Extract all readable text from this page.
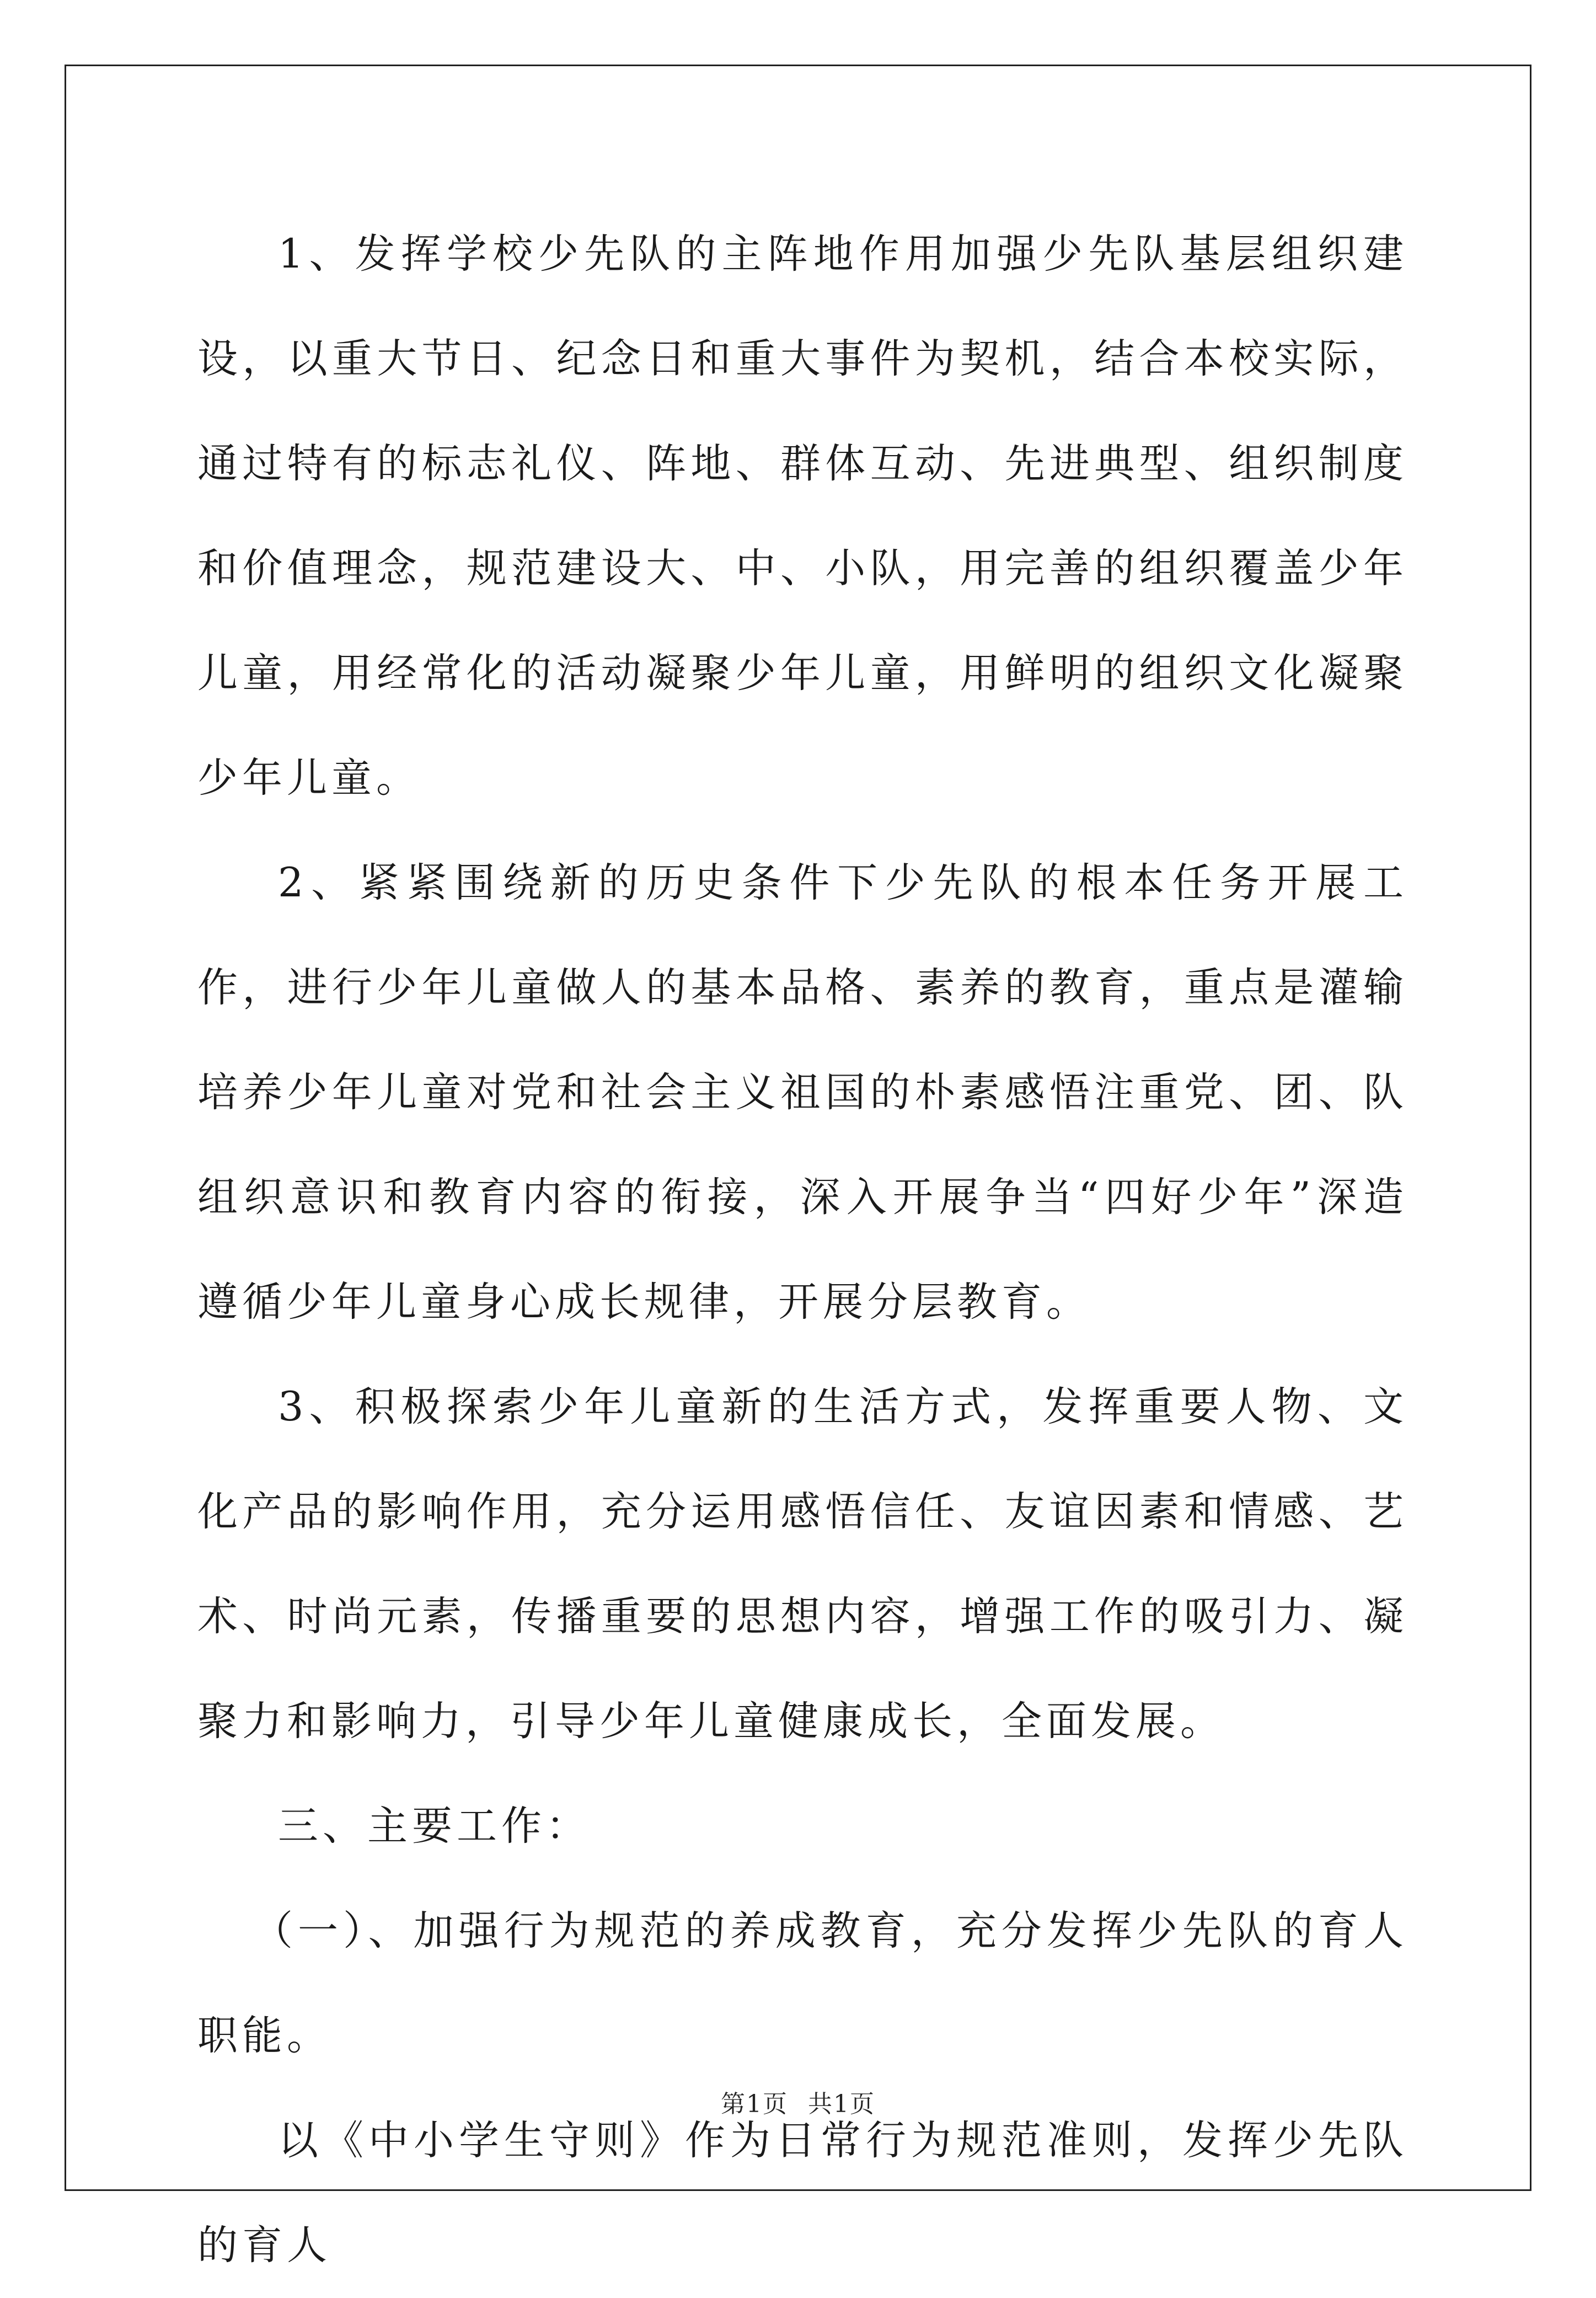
1、发挥学校少先队的主阵地作用加强少先队基层组织建设，以重大节日、纪念日和重大事件为契机，结合本校实际，通过特有的标志礼仪、阵地、群体互动、先进典型、组织制度和价值理念，规范建设大、中、小队，用完善的组织覆盖少年儿童，用经常化的活动凝聚少年儿童，用鲜明的组织文化凝聚少年儿童。

2、紧紧围绕新的历史条件下少先队的根本任务开展工作，进行少年儿童做人的基本品格、素养的教育，重点是灌输培养少年儿童对党和社会主义祖国的朴素感悟注重党、团、队组织意识和教育内容的衔接，深入开展争当“四好少年”深造遵循少年儿童身心成长规律，开展分层教育。

3、积极探索少年儿童新的生活方式，发挥重要人物、文化产品的影响作用，充分运用感悟信任、友谊因素和情感、艺术、时尚元素，传播重要的思想内容，增强工作的吸引力、凝聚力和影响力，引导少年儿童健康成长，全面发展。

三、主要工作：

（一）、加强行为规范的养成教育，充分发挥少先队的育人职能。

以《中小学生守则》作为日常行为规范准则，发挥少先队的育人

第1页 共1页
